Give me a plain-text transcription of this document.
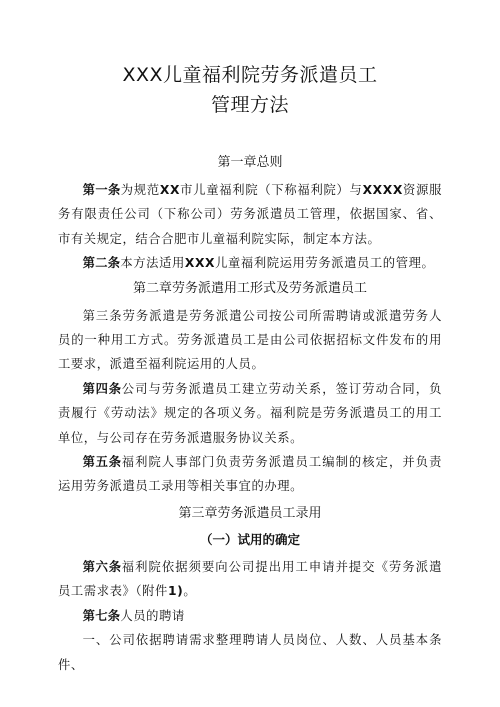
XXX儿童福利院劳务派遣员工
管理方法
第一章总则

第一条为规范XX市儿童福利院（下称福利院）与XXXX资源服务有限责任公司（下称公司）劳务派遣员工管理，依据国家、省、市有关规定，结合合肥市儿童福利院实际，制定本方法。

第二条本方法适用XXX儿童福利院运用劳务派遣员工的管理。

第二章劳务派遣用工形式及劳务派遣员工

第三条劳务派遣是劳务派遣公司按公司所需聘请或派遣劳务人员的一种用工方式。劳务派遣员工是由公司依据招标文件发布的用工要求，派遣至福利院运用的人员。

第四条公司与劳务派遣员工建立劳动关系，签订劳动合同，负责履行《劳动法》规定的各项义务。福利院是劳务派遣员工的用工单位，与公司存在劳务派遣服务协议关系。

第五条福利院人事部门负责劳务派遣员工编制的核定，并负责运用劳务派遣员工录用等相关事宜的办理。

第三章劳务派遣员工录用
（一）试用的确定

第六条福利院依据须要向公司提出用工申请并提交《劳务派遣员工需求表》（附件1)。

第七条人员的聘请

一、公司依据聘请需求整理聘请人员岗位、人数、人员基本条件、
